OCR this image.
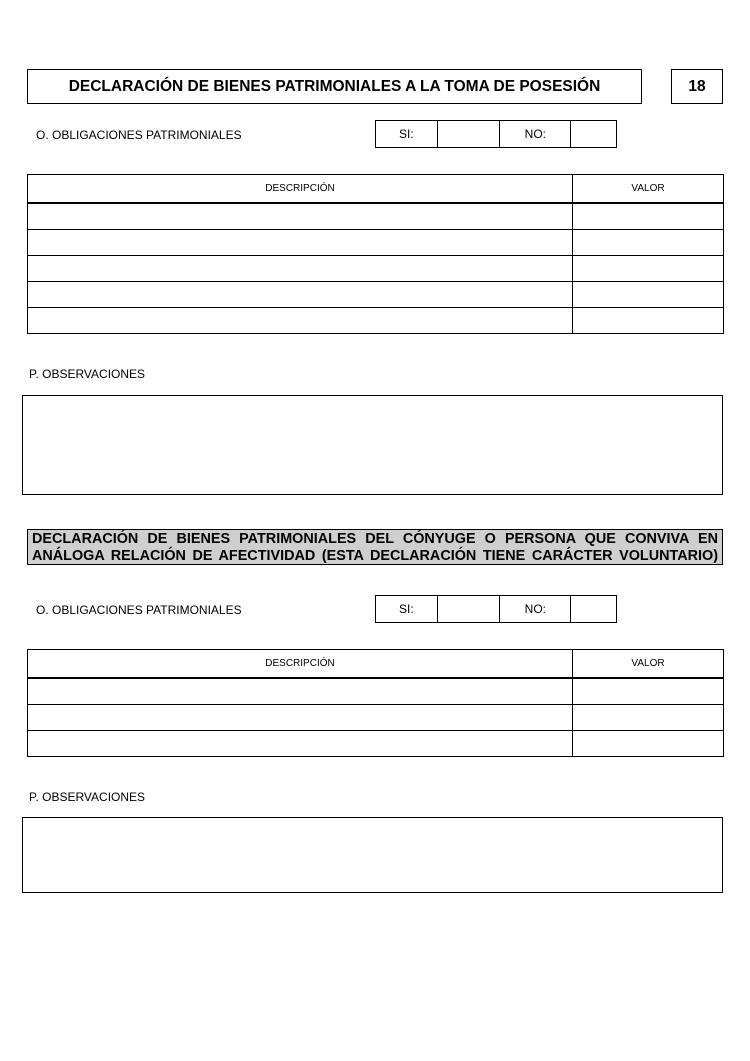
DECLARACIÓN DE BIENES PATRIMONIALES A LA TOMA DE POSESIÓN	18
O. OBLIGACIONES PATRIMONIALES	SI:	NO:
DESCRIPCIÓN	VALOR

P. OBSERVACIONES
DECLARACIÓN DE BIENES PATRIMONIALES DEL CÓNYUGE O PERSONA QUE CONVIVA EN
ANÁLOGA RELACIÓN DE AFECTIVIDAD (ESTA DECLARACIÓN TIENE CARÁCTER VOLUNTARIO)
O. OBLIGACIONES PATRIMONIALES	SI:	NO:
DESCRIPCIÓN	VALOR

P. OBSERVACIONES
